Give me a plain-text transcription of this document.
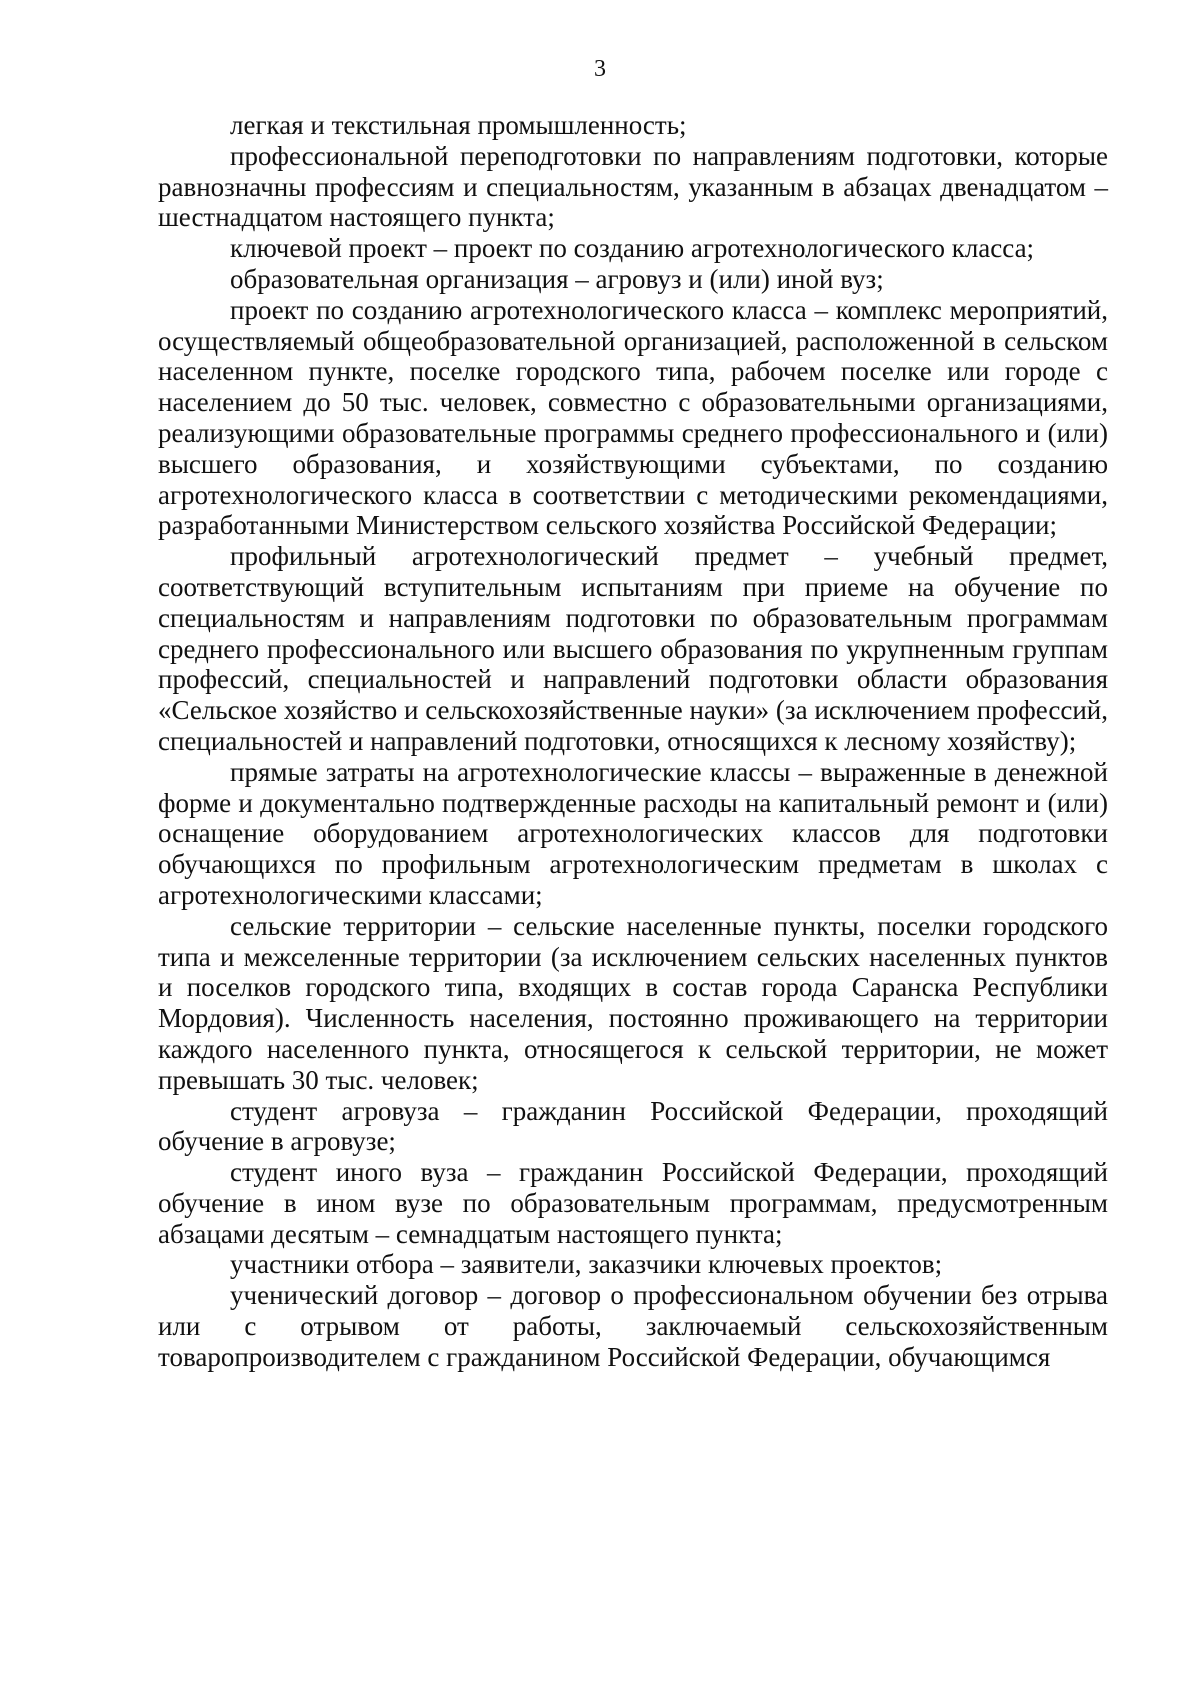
3

легкая и текстильная промышленность;

профессиональной переподготовки по направлениям подготовки, которые равнозначны профессиям и специальностям, указанным в абзацах двенадцатом – шестнадцатом настоящего пункта;

ключевой проект – проект по созданию агротехнологического класса;

образовательная организация – агровуз и (или) иной вуз;

проект по созданию агротехнологического класса – комплекс мероприятий, осуществляемый общеобразовательной организацией, расположенной в сельском населенном пункте, поселке городского типа, рабочем поселке или городе с населением до 50 тыс. человек, совместно с образовательными организациями, реализующими образовательные программы среднего профессионального и (или) высшего образования, и хозяйствующими субъектами, по созданию агротехнологического класса в соответствии с методическими рекомендациями, разработанными Министерством сельского хозяйства Российской Федерации;

профильный агротехнологический предмет – учебный предмет, соответствующий вступительным испытаниям при приеме на обучение по специальностям и направлениям подготовки по образовательным программам среднего профессионального или высшего образования по укрупненным группам профессий, специальностей и направлений подготовки области образования «Сельское хозяйство и сельскохозяйственные науки» (за исключением профессий, специальностей и направлений подготовки, относящихся к лесному хозяйству);

прямые затраты на агротехнологические классы – выраженные в денежной форме и документально подтвержденные расходы на капитальный ремонт и (или) оснащение оборудованием агротехнологических классов для подготовки обучающихся по профильным агротехнологическим предметам в школах с агротехнологическими классами;

сельские территории – сельские населенные пункты, поселки городского типа и межселенные территории (за исключением сельских населенных пунктов и поселков городского типа, входящих в состав города Саранска Республики Мордовия). Численность населения, постоянно проживающего на территории каждого населенного пункта, относящегося к сельской территории, не может превышать 30 тыс. человек;

студент агровуза – гражданин Российской Федерации, проходящий обучение в агровузе;

студент иного вуза – гражданин Российской Федерации, проходящий обучение в ином вузе по образовательным программам, предусмотренным абзацами десятым – семнадцатым настоящего пункта;

участники отбора – заявители, заказчики ключевых проектов;

ученический договор – договор о профессиональном обучении без отрыва или с отрывом от работы, заключаемый сельскохозяйственным товаропроизводителем с гражданином Российской Федерации, обучающимся
